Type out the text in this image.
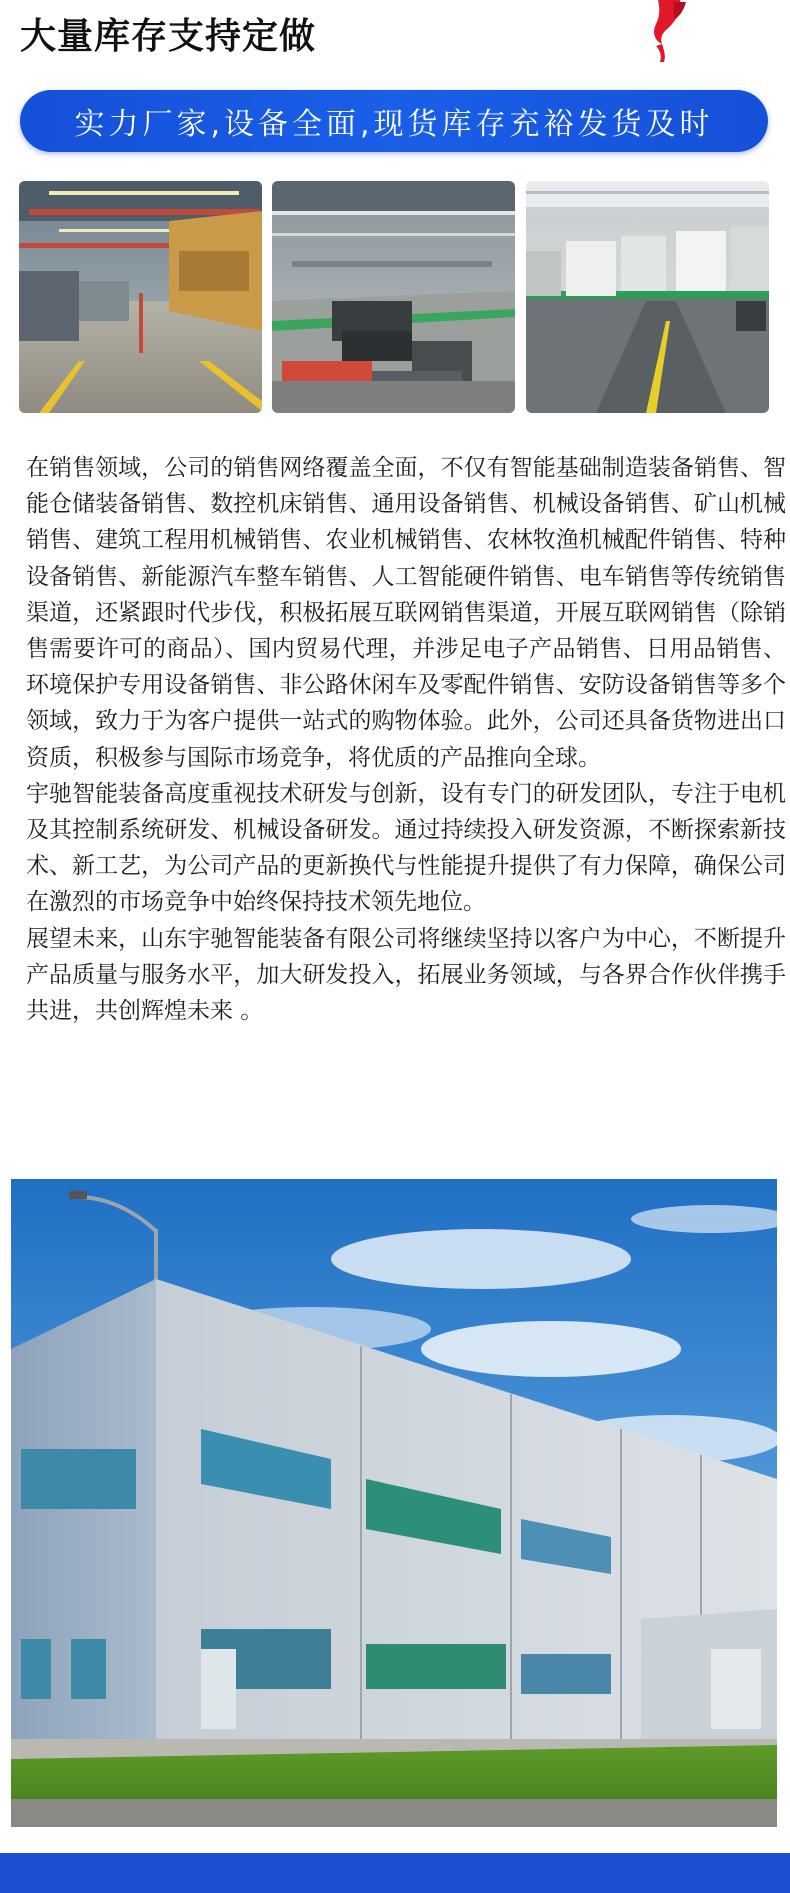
大量库存支持定做
实力厂家,设备全面,现货库存充裕发货及时

在销售领域，公司的销售网络覆盖全面，不仅有智能基础制造装备销售、智能仓储装备销售、数控机床销售、通用设备销售、机械设备销售、矿山机械销售、建筑工程用机械销售、农业机械销售、农林牧渔机械配件销售、特种设备销售、新能源汽车整车销售、人工智能硬件销售、电车销售等传统销售渠道，还紧跟时代步伐，积极拓展互联网销售渠道，开展互联网销售（除销售需要许可的商品）、国内贸易代理，并涉足电子产品销售、日用品销售、环境保护专用设备销售、非公路休闲车及零配件销售、安防设备销售等多个领域，致力于为客户提供一站式的购物体验。此外，公司还具备货物进出口资质，积极参与国际市场竞争，将优质的产品推向全球。

宇驰智能装备高度重视技术研发与创新，设有专门的研发团队，专注于电机及其控制系统研发、机械设备研发。通过持续投入研发资源，不断探索新技术、新工艺，为公司产品的更新换代与性能提升提供了有力保障，确保公司在激烈的市场竞争中始终保持技术领先地位。

展望未来，山东宇驰智能装备有限公司将继续坚持以客户为中心，不断提升产品质量与服务水平，加大研发投入，拓展业务领域，与各界合作伙伴携手共进，共创辉煌未来 。
